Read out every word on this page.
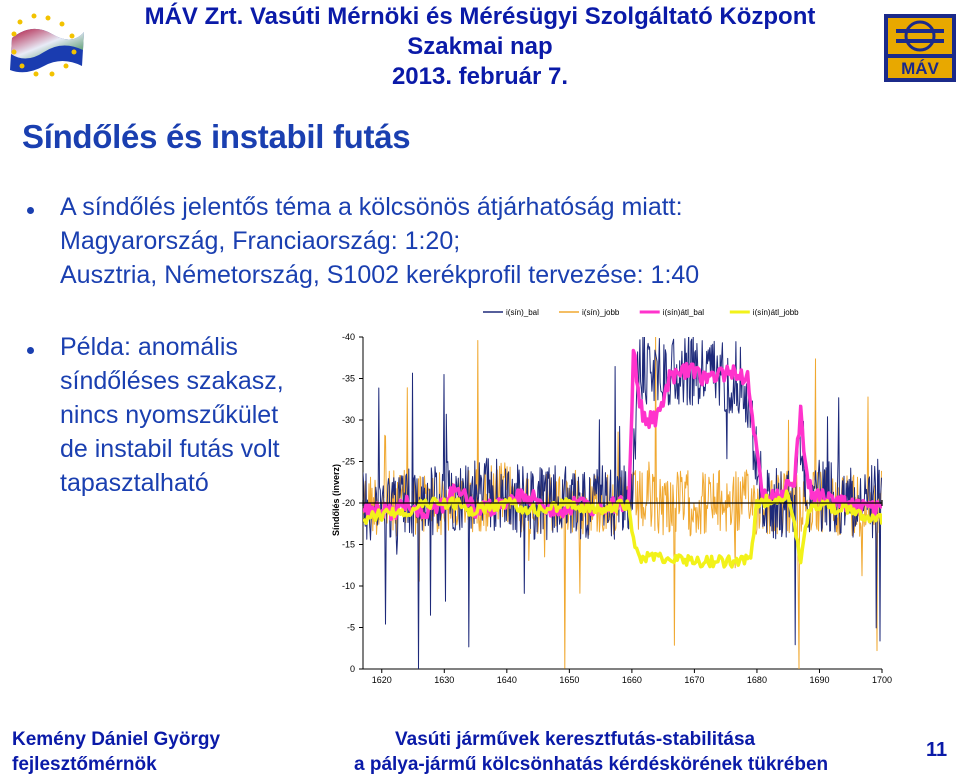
MÁV Zrt. Vasúti Mérnöki és Mérésügyi Szolgáltató Központ
Szakmai nap
2013. február 7.	MÁV
Síndőlés és instabil futás
A síndőlés jelentős téma a kölcsönös átjárhatóság miatt:
Magyarország, Franciaország: 1:20;
Ausztria, Németország, S1002 kerékprofil tervezése: 1:40
Példa: anomális
síndőléses szakasz,
nincs nyomszűkület
de instabil futás volt
tapasztalható
i(sín)_bal	i(sín)_jobb	i(sín)átl_bal	i(sín)átl_jobb
Síndőlés (inverz)
-40
-35
-30
-25
-20
-15
-10
-5
0
1620	1630	1640	1650	1660	1670	1680	1690	1700
Kemény Dániel György
fejlesztőmérnök
Vasúti járművek keresztfutás-stabilitása
a pálya-jármű kölcsönhatás kérdéskörének tükrében
11
